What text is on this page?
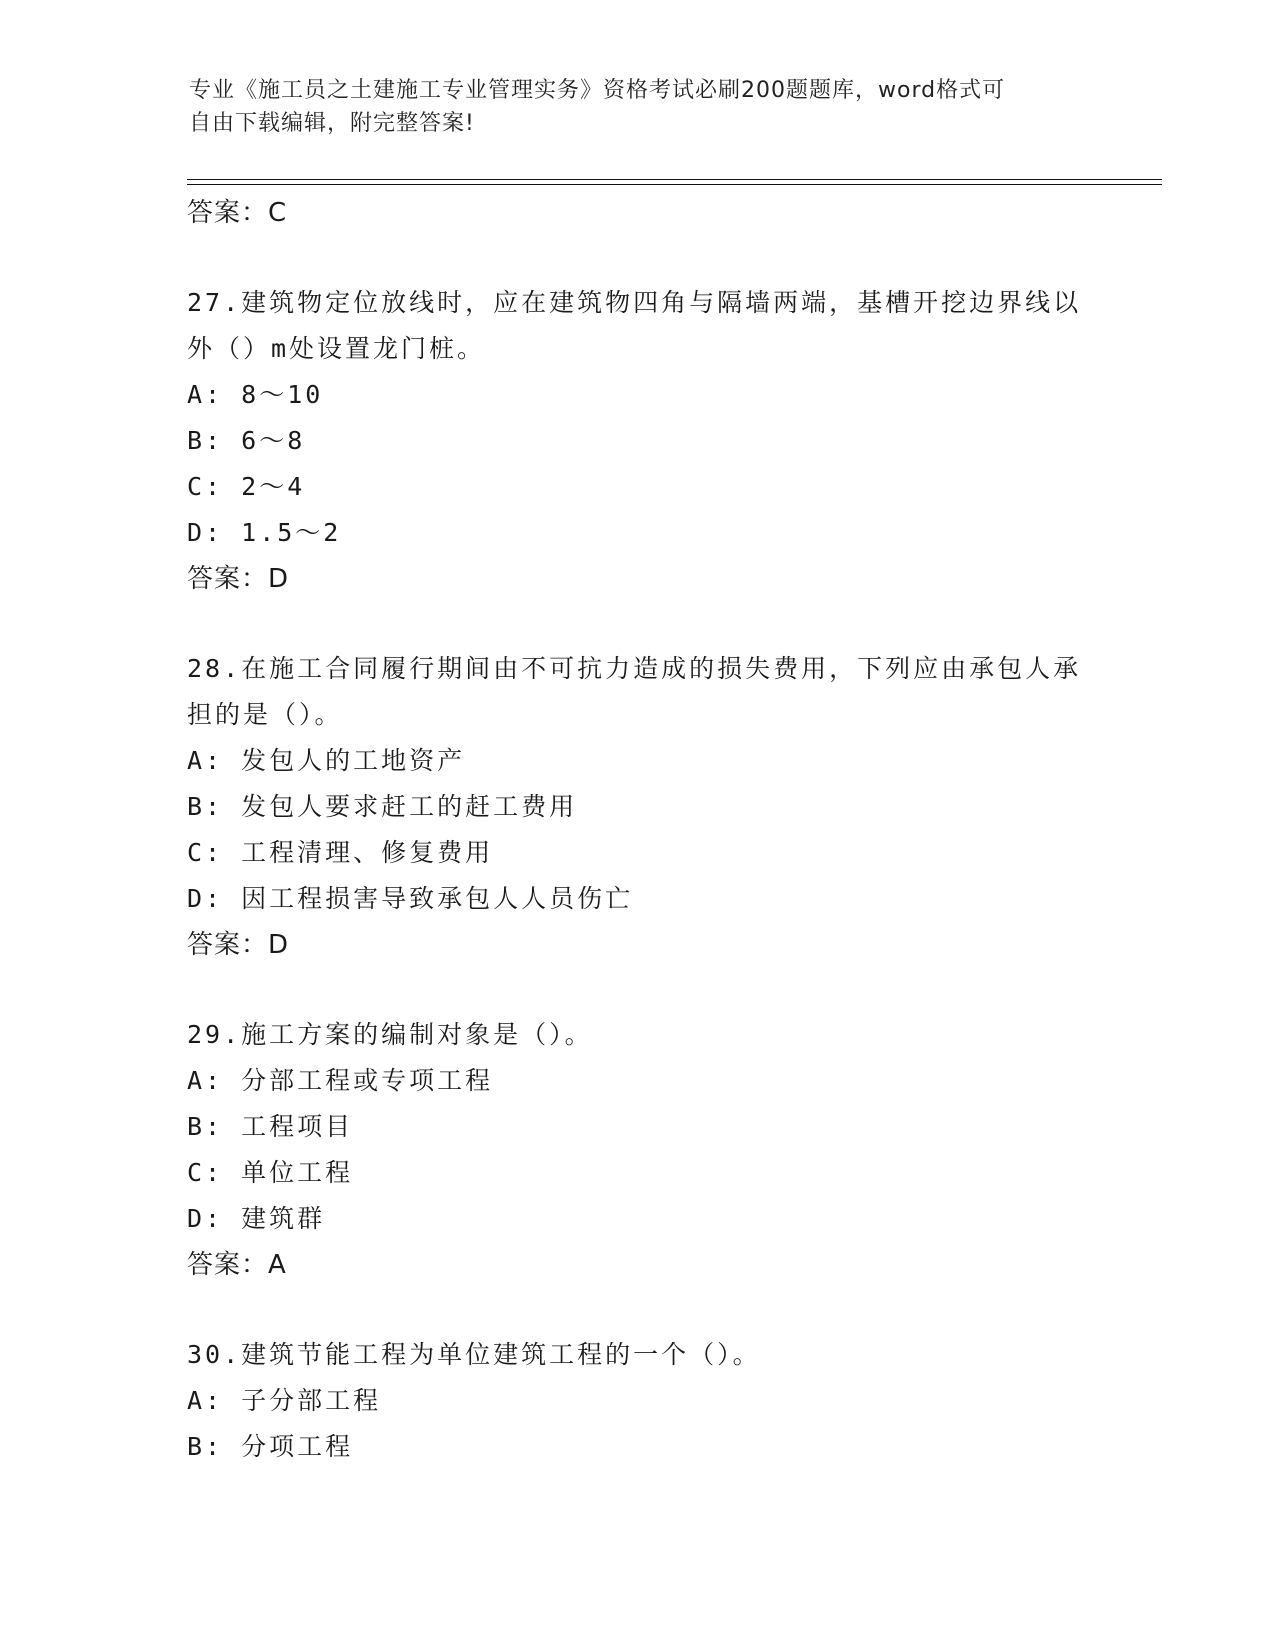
专业《施工员之土建施工专业管理实务》资格考试必刷200题题库，word格式可
自由下载编辑，附完整答案!
答案：C
27.建筑物定位放线时，应在建筑物四角与隔墙两端，基槽开挖边界线以外（）m处设置龙门桩。
A: 8～10
B: 6～8
C: 2～4
D: 1.5～2
答案：D
28.在施工合同履行期间由不可抗力造成的损失费用，下列应由承包人承担的是（）。
A: 发包人的工地资产
B: 发包人要求赶工的赶工费用
C: 工程清理、修复费用
D: 因工程损害导致承包人人员伤亡
答案：D
29.施工方案的编制对象是（）。
A: 分部工程或专项工程
B: 工程项目
C: 单位工程
D: 建筑群
答案：A
30.建筑节能工程为单位建筑工程的一个（）。
A: 子分部工程
B: 分项工程
